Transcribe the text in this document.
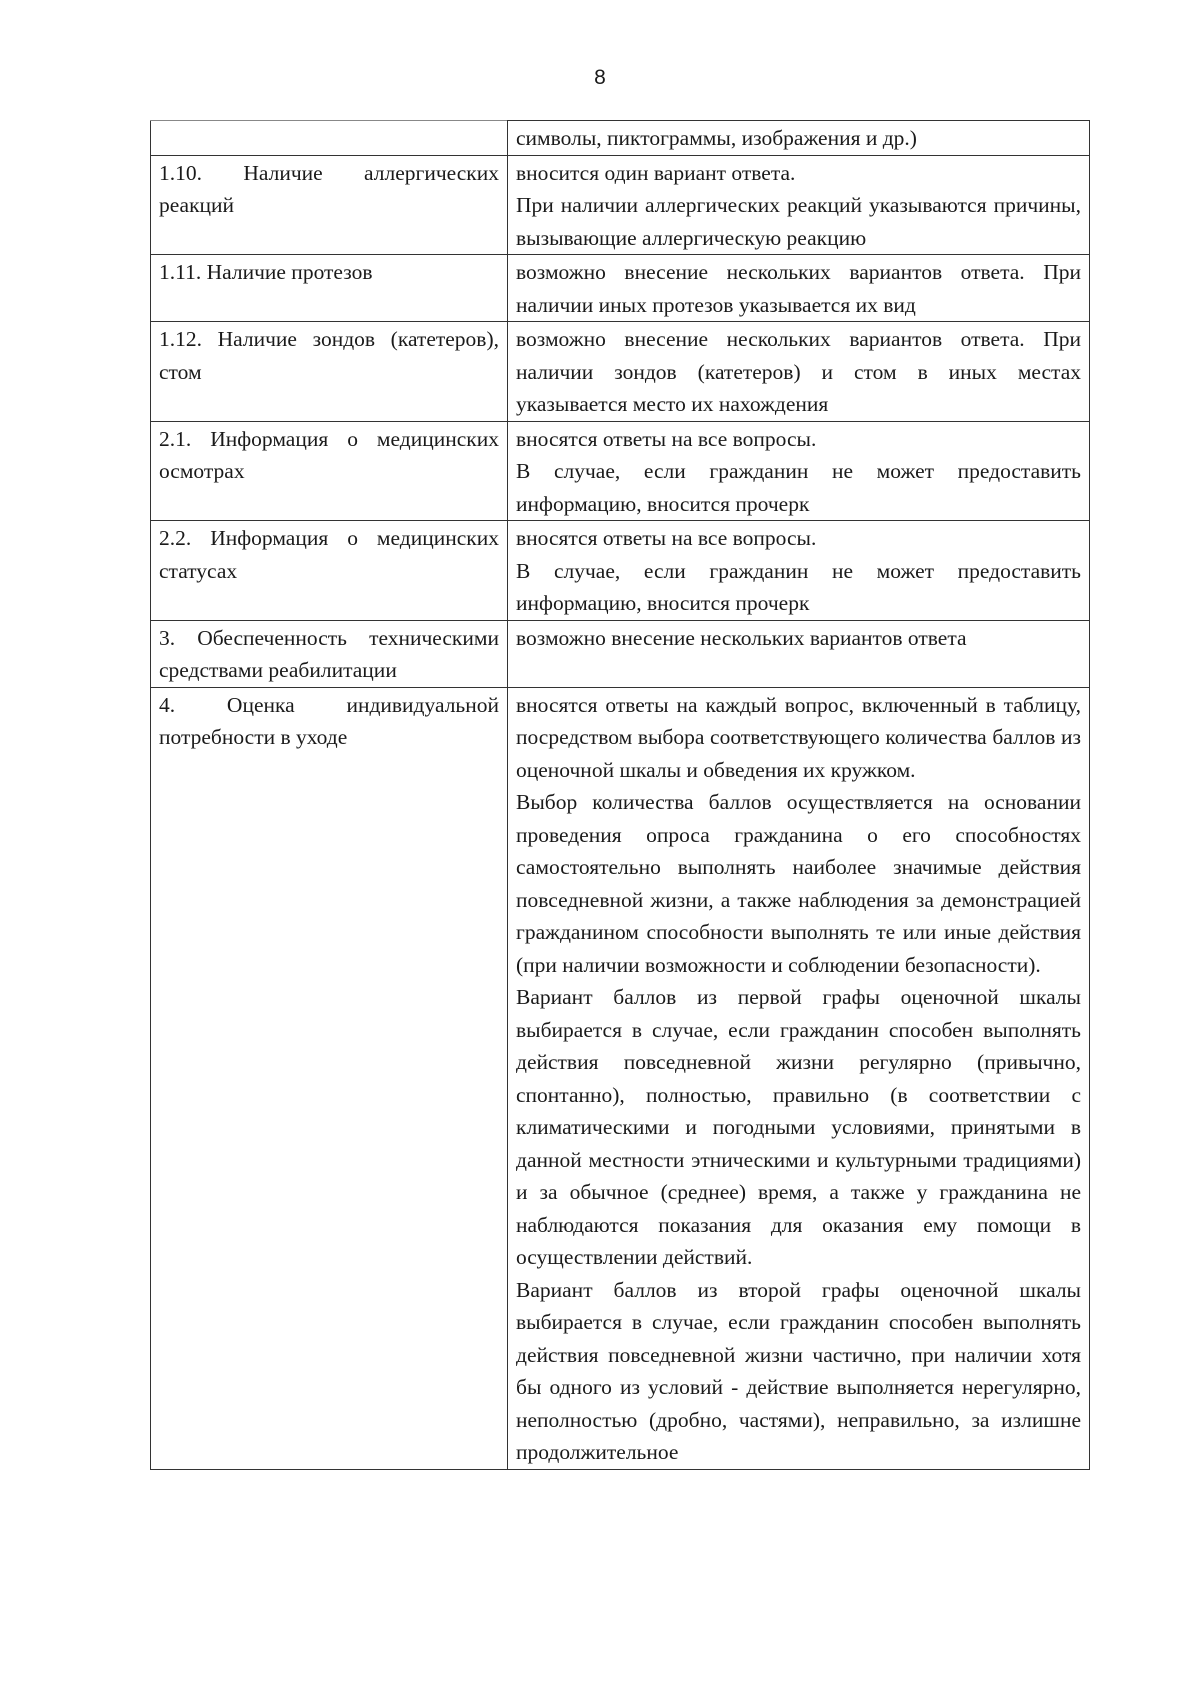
8

	символы, пиктограммы, изображения и др.)

1.10. Наличие аллергических реакций	вносится один вариант ответа.

При наличии аллергических реакций указываются причины, вызывающие аллергическую реакцию

1.11. Наличие протезов	возможно внесение нескольких вариантов ответа. При наличии иных протезов указывается их вид

1.12. Наличие зондов (катетеров), стом	возможно внесение нескольких вариантов ответа. При наличии зондов (катетеров) и стом в иных местах указывается место их нахождения

2.1. Информация о медицинских осмотрах	вносятся ответы на все вопросы.

В случае, если гражданин не может предоставить информацию, вносится прочерк

2.2. Информация о медицинских статусах	вносятся ответы на все вопросы.

В случае, если гражданин не может предоставить информацию, вносится прочерк

3. Обеспеченность техническими средствами реабилитации	возможно внесение нескольких вариантов ответа

4. Оценка индивидуальной потребности в уходе	вносятся ответы на каждый вопрос, включенный в таблицу, посредством выбора соответствующего количества баллов из оценочной шкалы и обведения их кружком.

Выбор количества баллов осуществляется на основании проведения опроса гражданина о его способностях самостоятельно выполнять наиболее значимые действия повседневной жизни, а также наблюдения за демонстрацией гражданином способности выполнять те или иные действия (при наличии возможности и соблюдении безопасности).

Вариант баллов из первой графы оценочной шкалы выбирается в случае, если гражданин способен выполнять действия повседневной жизни регулярно (привычно, спонтанно), полностью, правильно (в соответствии с климатическими и погодными условиями, принятыми в данной местности этническими и культурными традициями) и за обычное (среднее) время, а также у гражданина не наблюдаются показания для оказания ему помощи в осуществлении действий.

Вариант баллов из второй графы оценочной шкалы выбирается в случае, если гражданин способен выполнять действия повседневной жизни частично, при наличии хотя бы одного из условий - действие выполняется нерегулярно, неполностью (дробно, частями), неправильно, за излишне продолжительное
